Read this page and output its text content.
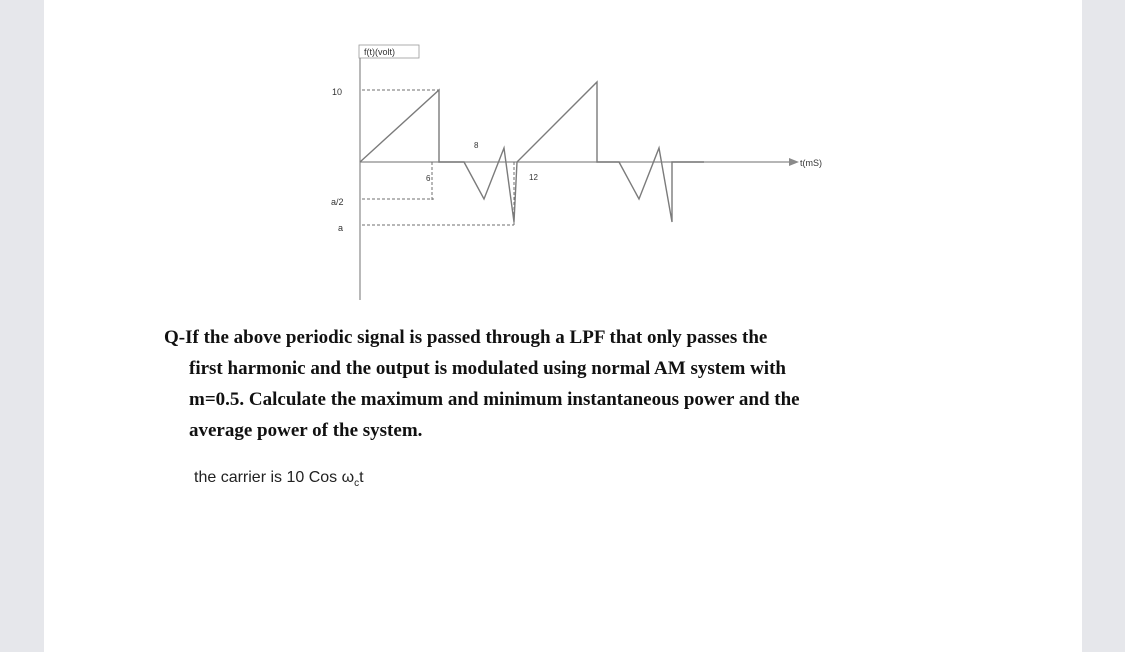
f(t)(volt)
t(mS)
10
a/2
a
6
8
12
Q-If the above periodic signal is passed through a LPF that only passes the
first harmonic and the output is modulated using normal AM system with
m=0.5. Calculate the maximum and minimum instantaneous power and the
average power of the system.
the carrier is 10 Cos $\omega_ct$
